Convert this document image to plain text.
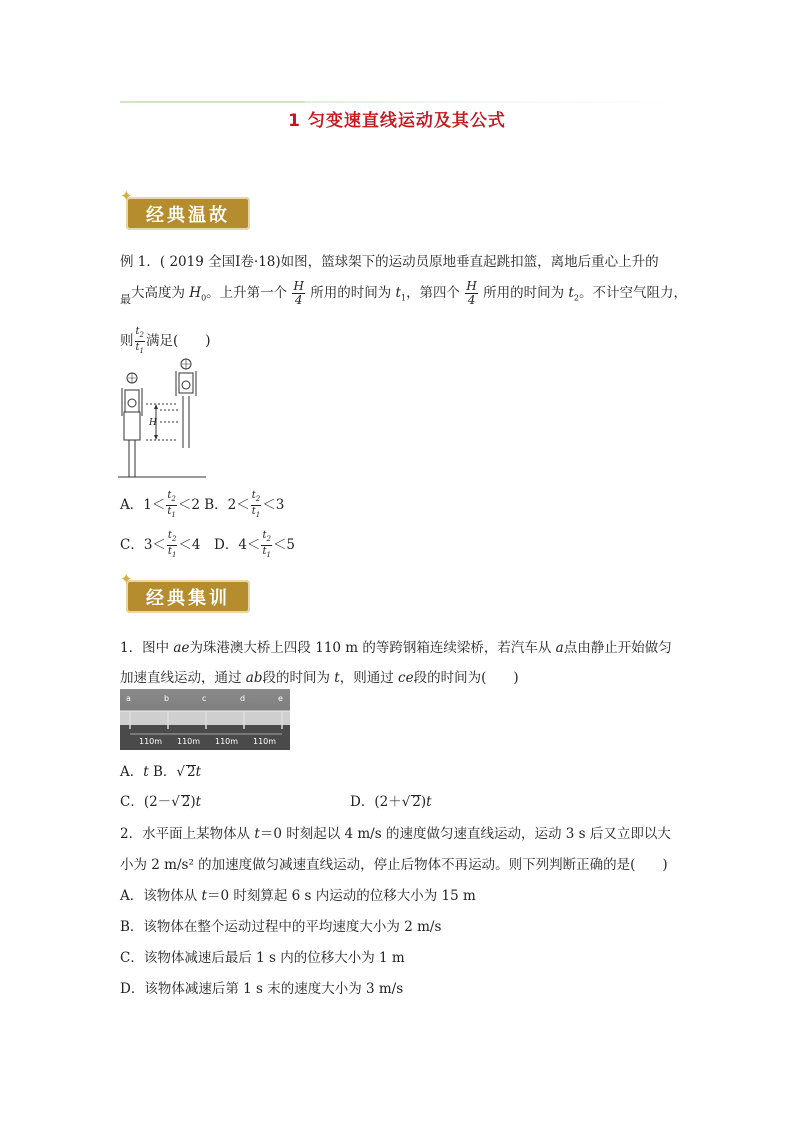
1 匀变速直线运动及其公式
✦
经典温故
例 1．( 2019 全国Ⅰ卷·18)如图，篮球架下的运动员原地垂直起跳扣篮，离地后重心上升的
$_最$大高度为 $H_0$。上升第一个 $\frac{H}{4}$ 所用的时间为 $t_1$，第四个 $\frac{H}{4}$ 所用的时间为 $t_2$。不计空气阻力，
则 $\frac{t_2}{t_1}$ 满足(　　)
H
A．$1< \frac{t_2}{t_1} <2$ B．$2< \frac{t_2}{t_1} <3$
C．$3< \frac{t_2}{t_1} <4$　D．$4< \frac{t_2}{t_1} <5$
✦
经典集训
1．图中 ae为珠港澳大桥上四段 110 m 的等跨钢箱连续梁桥，若汽车从 a点由静止开始做匀
加速直线运动，通过 ab段的时间为 t，则通过 ce段的时间为(　　)
a	b	c	d	e
110m 110m 110m 110m
A．t B．√ 2t
C．(2－√ 2)t	D．(2＋√ 2)t
2．水平面上某物体从 t＝0 时刻起以 4 m/s 的速度做匀速直线运动，运动 3 s 后又立即以大
小为 2 m/s² 的加速度做匀减速直线运动，停止后物体不再运动。则下列判断正确的是(　　)
A．该物体从 t＝0 时刻算起 6 s 内运动的位移大小为 15 m
B．该物体在整个运动过程中的平均速度大小为 2 m/s
C．该物体减速后最后 1 s 内的位移大小为 1 m
D．该物体减速后第 1 s 末的速度大小为 3 m/s
